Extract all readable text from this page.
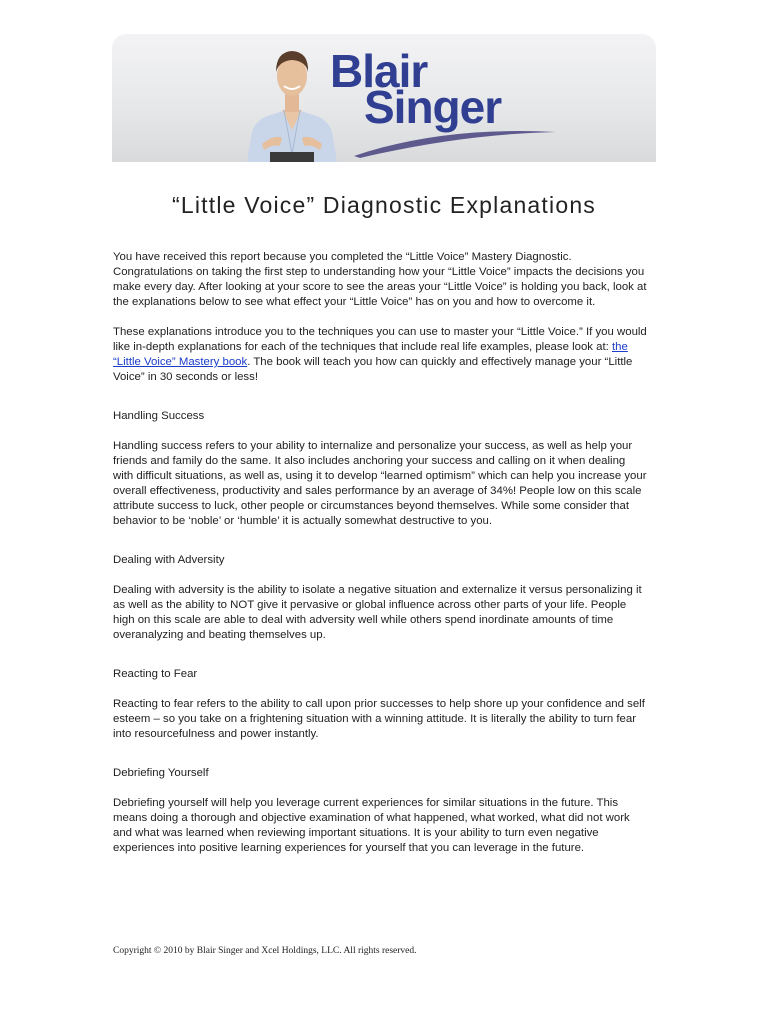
Blair
Singer
“Little Voice” Diagnostic Explanations

You have received this report because you completed the “Little Voice” Mastery Diagnostic. Congratulations on taking the first step to understanding how your “Little Voice” impacts the decisions you make every day. After looking at your score to see the areas your “Little Voice” is holding you back, look at the explanations below to see what effect your “Little Voice” has on you and how to overcome it.

These explanations introduce you to the techniques you can use to master your “Little Voice.” If you would like in-depth explanations for each of the techniques that include real life examples, please look at: the “Little Voice” Mastery book. The book will teach you how can quickly and effectively manage your “Little Voice” in 30 seconds or less!

Handling Success

Handling success refers to your ability to internalize and personalize your success, as well as help your friends and family do the same. It also includes anchoring your success and calling on it when dealing with difficult situations, as well as, using it to develop “learned optimism” which can help you increase your overall effectiveness, productivity and sales performance by an average of 34%! People low on this scale attribute success to luck, other people or circumstances beyond themselves. While some consider that behavior to be ‘noble’ or ‘humble’ it is actually somewhat destructive to you.

Dealing with Adversity

Dealing with adversity is the ability to isolate a negative situation and externalize it versus personalizing it as well as the ability to NOT give it pervasive or global influence across other parts of your life. People high on this scale are able to deal with adversity well while others spend inordinate amounts of time overanalyzing and beating themselves up.

Reacting to Fear

Reacting to fear refers to the ability to call upon prior successes to help shore up your confidence and self esteem – so you take on a frightening situation with a winning attitude. It is literally the ability to turn fear into resourcefulness and power instantly.

Debriefing Yourself

Debriefing yourself will help you leverage current experiences for similar situations in the future. This means doing a thorough and objective examination of what happened, what worked, what did not work and what was learned when reviewing important situations. It is your ability to turn even negative experiences into positive learning experiences for yourself that you can leverage in the future.

Copyright © 2010 by Blair Singer and Xcel Holdings, LLC. All rights reserved.
